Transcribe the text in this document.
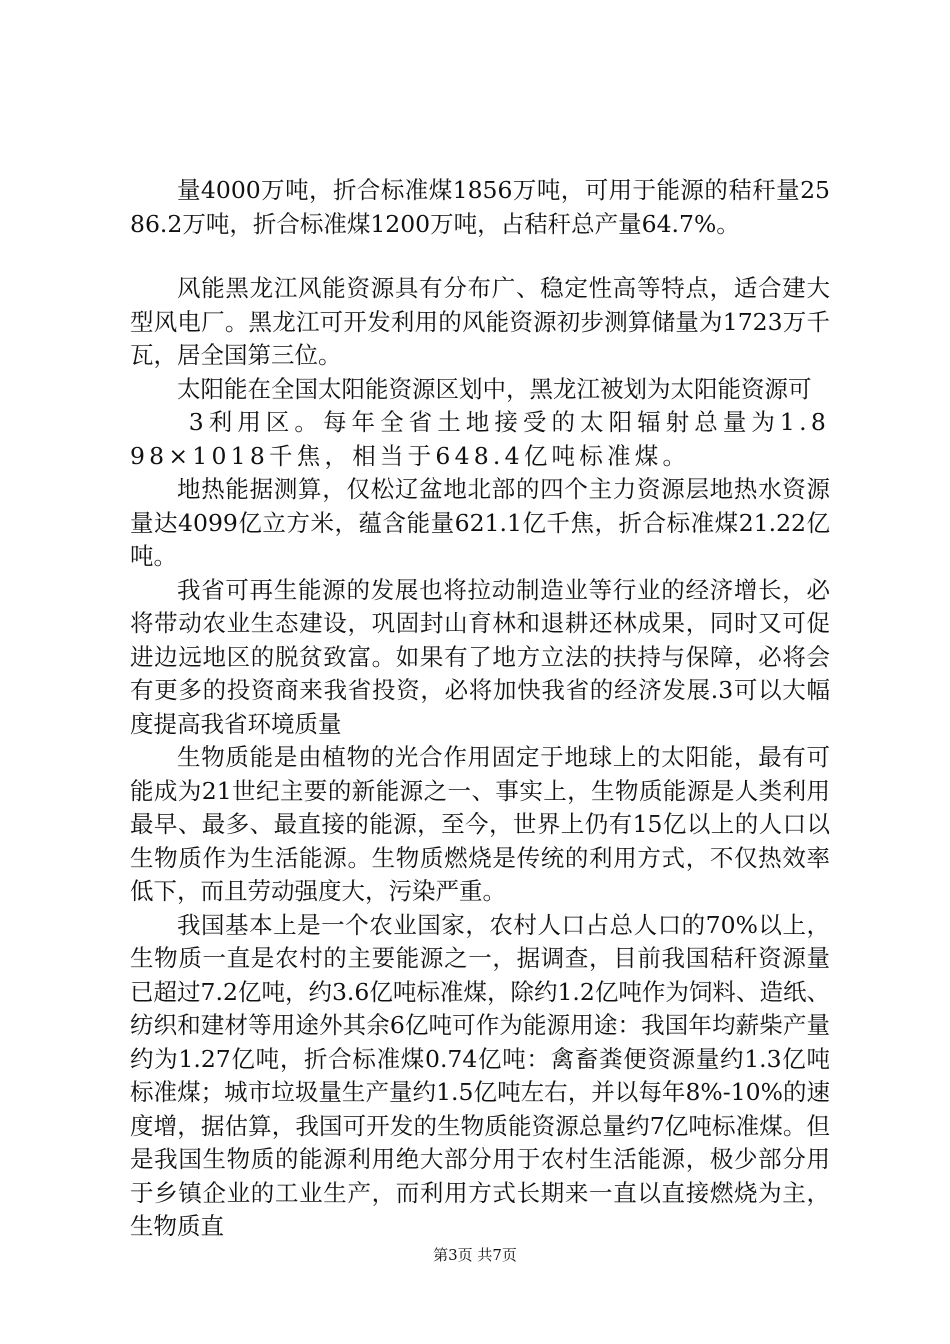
量4000万吨，折合标准煤1856万吨，可用于能源的秸秆量2586.2万吨，折合标准煤1200万吨，占秸秆总产量64.7%。

风能黑龙江风能资源具有分布广、稳定性高等特点，适合建大型风电厂。黑龙江可开发利用的风能资源初步测算储量为1723万千瓦，居全国第三位。

太阳能在全国太阳能资源区划中，黑龙江被划为太阳能资源可

3利用区。每年全省土地接受的太阳辐射总量为1.898×1018千焦，相当于648.4亿吨标准煤。

地热能据测算，仅松辽盆地北部的四个主力资源层地热水资源量达4099亿立方米，蕴含能量621.1亿千焦，折合标准煤21.22亿吨。

我省可再生能源的发展也将拉动制造业等行业的经济增长，必将带动农业生态建设，巩固封山育林和退耕还林成果，同时又可促进边远地区的脱贫致富。如果有了地方立法的扶持与保障，必将会有更多的投资商来我省投资，必将加快我省的经济发展.3可以大幅度提高我省环境质量

生物质能是由植物的光合作用固定于地球上的太阳能，最有可能成为21世纪主要的新能源之一、事实上，生物质能源是人类利用最早、最多、最直接的能源，至今，世界上仍有15亿以上的人口以生物质作为生活能源。生物质燃烧是传统的利用方式，不仅热效率低下，而且劳动强度大，污染严重。

我国基本上是一个农业国家，农村人口占总人口的70%以上，生物质一直是农村的主要能源之一，据调查，目前我国秸秆资源量已超过7.2亿吨，约3.6亿吨标准煤，除约1.2亿吨作为饲料、造纸、纺织和建材等用途外其余6亿吨可作为能源用途：我国年均薪柴产量约为1.27亿吨，折合标准煤0.74亿吨：禽畜粪便资源量约1.3亿吨标准煤；城市垃圾量生产量约1.5亿吨左右，并以每年8%-10%的速度增，据估算，我国可开发的生物质能资源总量约7亿吨标准煤。但是我国生物质的能源利用绝大部分用于农村生活能源，极少部分用于乡镇企业的工业生产，而利用方式长期来一直以直接燃烧为主，生物质直

第3页 共7页
